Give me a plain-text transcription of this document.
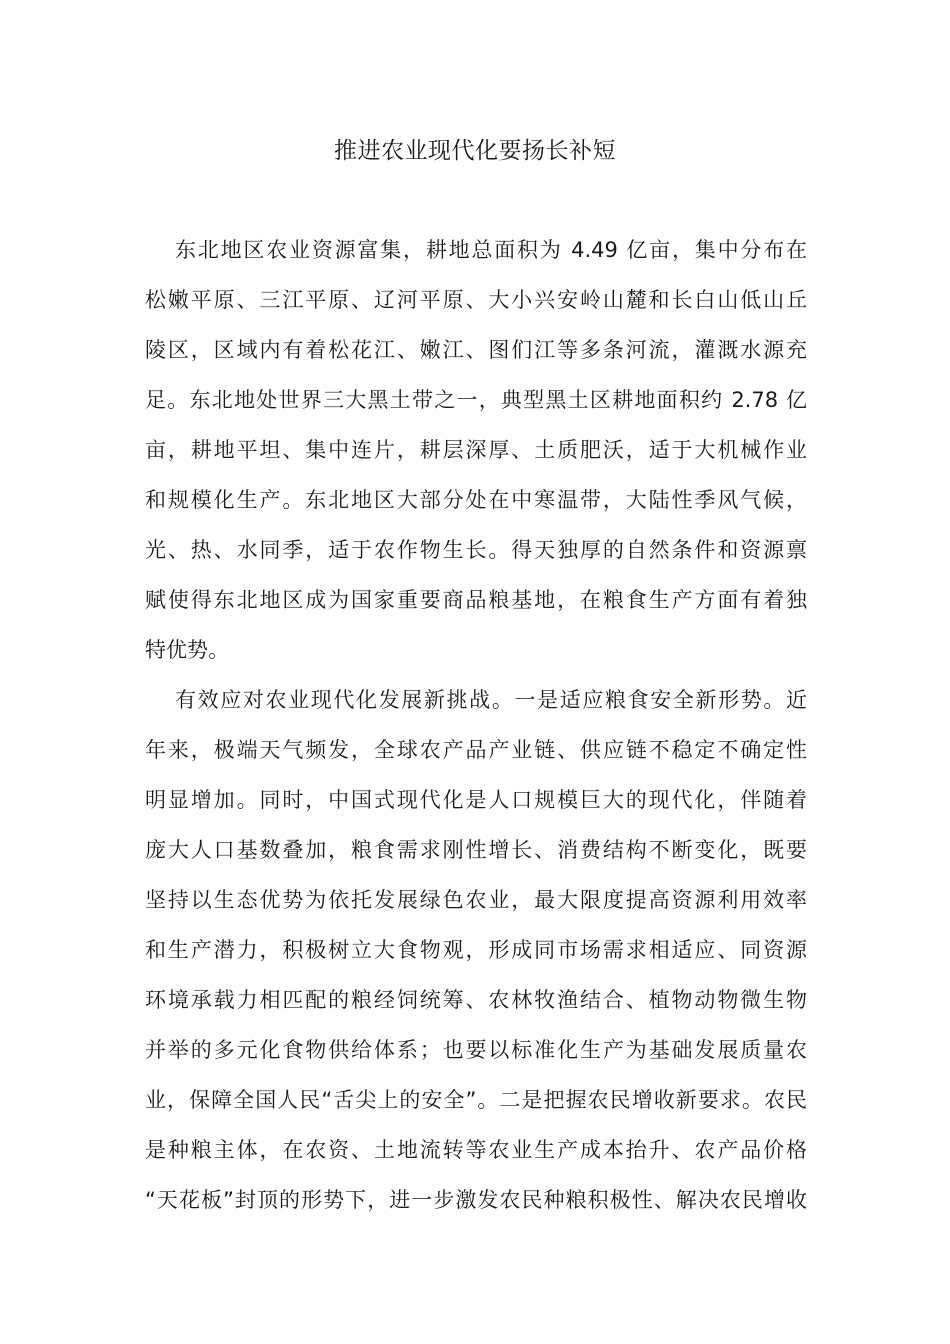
推进农业现代化要扬长补短

东北地区农业资源富集，耕地总面积为 4.49 亿亩，集中分布在
松嫩平原、三江平原、辽河平原、大小兴安岭山麓和长白山低山丘
陵区，区域内有着松花江、嫩江、图们江等多条河流，灌溉水源充
足。东北地处世界三大黑土带之一，典型黑土区耕地面积约 2.78 亿
亩，耕地平坦、集中连片，耕层深厚、土质肥沃，适于大机械作业
和规模化生产。东北地区大部分处在中寒温带，大陆性季风气候，
光、热、水同季，适于农作物生长。得天独厚的自然条件和资源禀
赋使得东北地区成为国家重要商品粮基地，在粮食生产方面有着独
特优势。

有效应对农业现代化发展新挑战。一是适应粮食安全新形势。近
年来，极端天气频发，全球农产品产业链、供应链不稳定不确定性
明显增加。同时，中国式现代化是人口规模巨大的现代化，伴随着
庞大人口基数叠加，粮食需求刚性增长、消费结构不断变化，既要
坚持以生态优势为依托发展绿色农业，最大限度提高资源利用效率
和生产潜力，积极树立大食物观，形成同市场需求相适应、同资源
环境承载力相匹配的粮经饲统筹、农林牧渔结合、植物动物微生物
并举的多元化食物供给体系；也要以标准化生产为基础发展质量农
业，保障全国人民“舌尖上的安全”。二是把握农民增收新要求。农民
是种粮主体，在农资、土地流转等农业生产成本抬升、农产品价格
“天花板”封顶的形势下，进一步激发农民种粮积极性、解决农民增收
